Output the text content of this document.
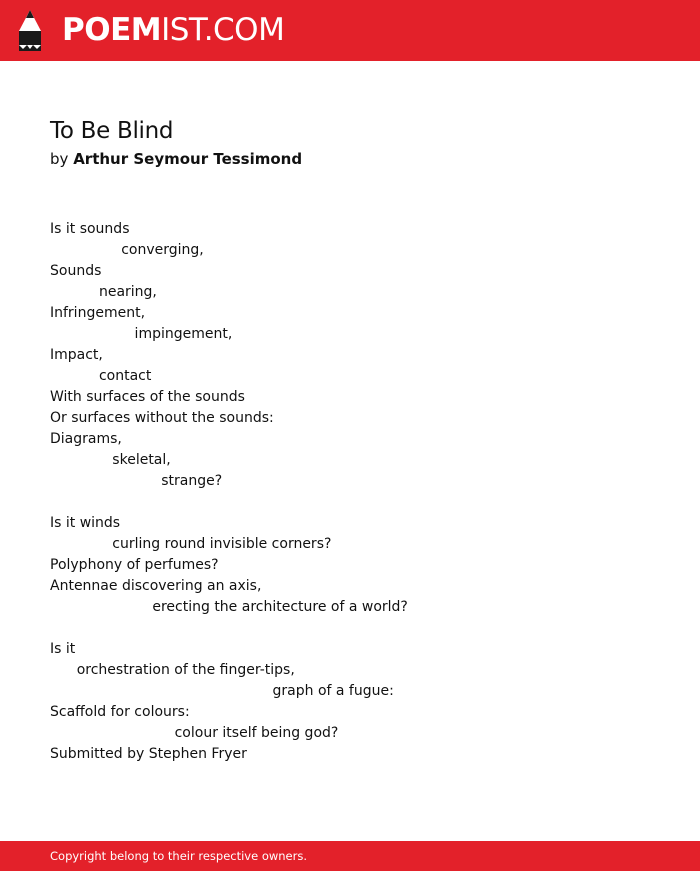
POEMIST.COM
To Be Blind
by Arthur Seymour Tessimond
Is it sounds
converging,
Sounds
nearing,
Infringement,
impingement,
Impact,
contact
With surfaces of the sounds
Or surfaces without the sounds:
Diagrams,
skeletal,
strange?
Is it winds
curling round invisible corners?
Polyphony of perfumes?
Antennae discovering an axis,
erecting the architecture of a world?
Is it
orchestration of the finger-tips,
graph of a fugue:
Scaffold for colours:
colour itself being god?
Submitted by Stephen Fryer
Copyright belong to their respective owners.
